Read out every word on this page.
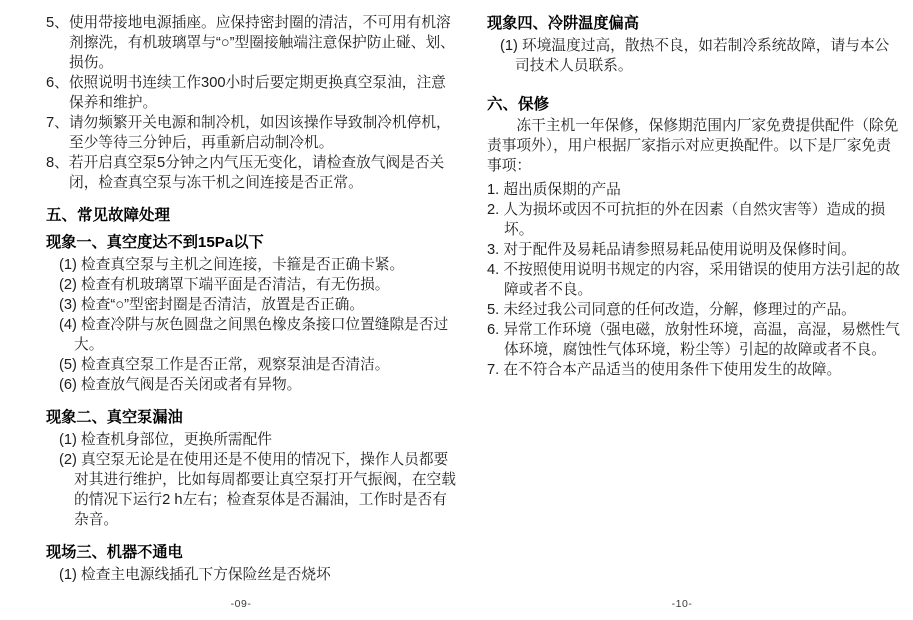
5、使用带接地电源插座。应保持密封圈的清洁，不可用有机溶剂擦洗，有机玻璃罩与“○”型圈接触端注意保护防止碰、划、损伤。
6、依照说明书连续工作300小时后要定期更换真空泵油，注意保养和维护。
7、请勿频繁开关电源和制冷机，如因该操作导致制冷机停机，至少等待三分钟后，再重新启动制冷机。
8、若开启真空泵5分钟之内气压无变化，请检查放气阀是否关闭，检查真空泵与冻干机之间连接是否正常。
五、常见故障处理
现象一、真空度达不到15Pa以下
(1) 检查真空泵与主机之间连接，卡箍是否正确卡紧。
(2) 检查有机玻璃罩下端平面是否清洁，有无伤损。
(3) 检查“○”型密封圈是否清洁，放置是否正确。
(4) 检查冷阱与灰色圆盘之间黑色橡皮条接口位置缝隙是否过大。
(5) 检查真空泵工作是否正常，观察泵油是否清洁。
(6) 检查放气阀是否关闭或者有异物。
现象二、真空泵漏油
(1) 检查机身部位，更换所需配件
(2) 真空泵无论是在使用还是不使用的情况下，操作人员都要对其进行维护，比如每周都要让真空泵打开气振阀，在空载的情况下运行2 h左右；检查泵体是否漏油，工作时是否有杂音。
现场三、机器不通电
(1) 检查主电源线插孔下方保险丝是否烧坏
-09-
现象四、冷阱温度偏高
(1) 环境温度过高，散热不良，如若制冷系统故障，请与本公司技术人员联系。
六、保修

冻干主机一年保修，保修期范围内厂家免费提供配件（除免责事项外），用户根据厂家指示对应更换配件。以下是厂家免责事项：

1. 超出质保期的产品
2. 人为损坏或因不可抗拒的外在因素（自然灾害等）造成的损坏。
3. 对于配件及易耗品请参照易耗品使用说明及保修时间。
4. 不按照使用说明书规定的内容，采用错误的使用方法引起的故障或者不良。
5. 未经过我公司同意的任何改造，分解，修理过的产品。
6. 异常工作环境（强电磁，放射性环境，高温，高湿，易燃性气体环境，腐蚀性气体环境，粉尘等）引起的故障或者不良。
7. 在不符合本产品适当的使用条件下使用发生的故障。
-10-
